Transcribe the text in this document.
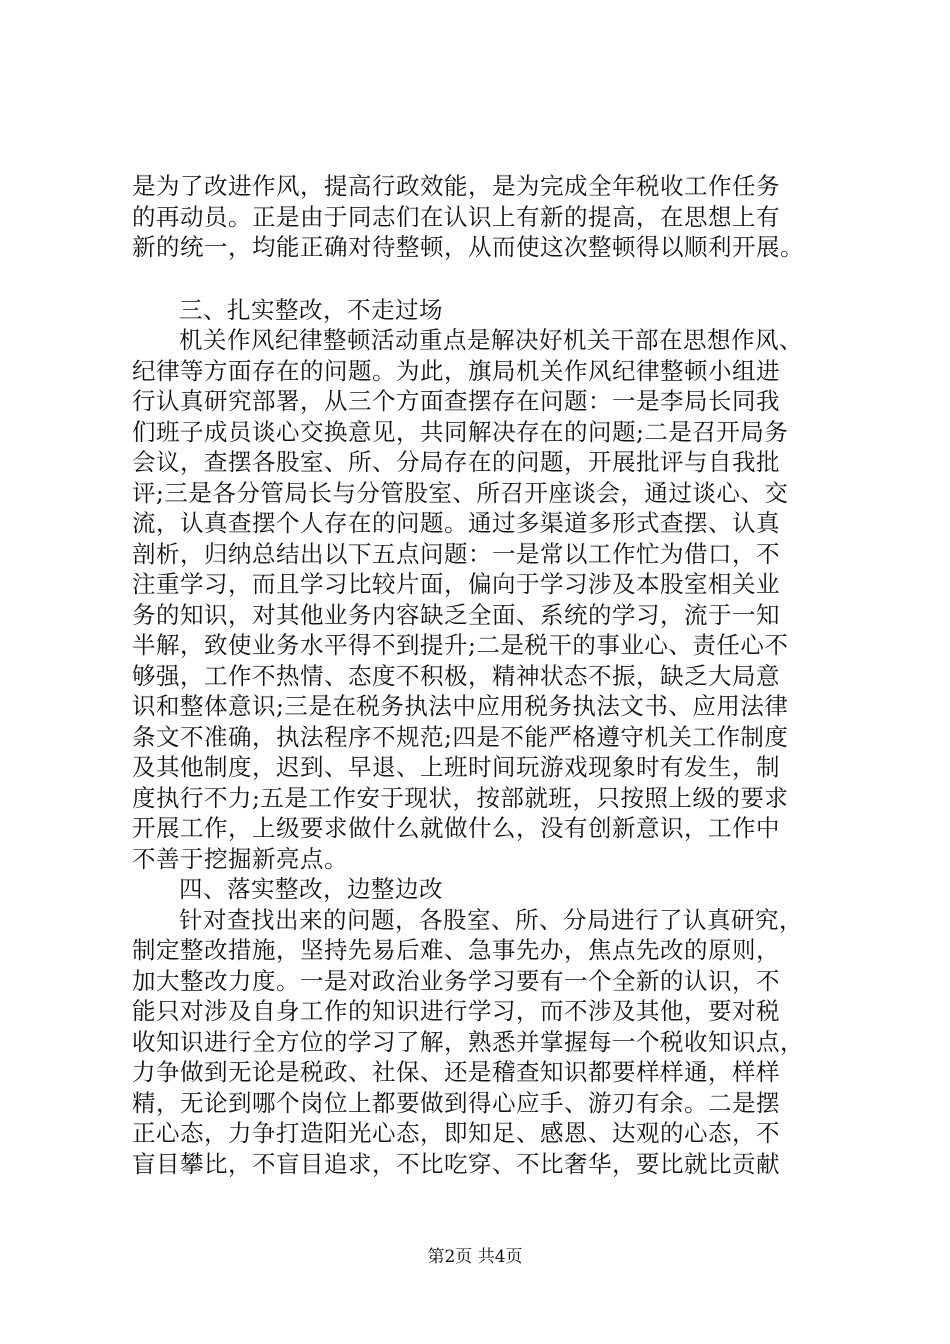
是为了改进作风，提高行政效能，是为完成全年税收工作任务
的再动员。正是由于同志们在认识上有新的提高，在思想上有
新的统一，均能正确对待整顿，从而使这次整顿得以顺利开展。
三、扎实整改，不走过场
机关作风纪律整顿活动重点是解决好机关干部在思想作风、
纪律等方面存在的问题。为此，旗局机关作风纪律整顿小组进
行认真研究部署，从三个方面查摆存在问题：一是李局长同我
们班子成员谈心交换意见，共同解决存在的问题;二是召开局务
会议，查摆各股室、所、分局存在的问题，开展批评与自我批
评;三是各分管局长与分管股室、所召开座谈会，通过谈心、交
流，认真查摆个人存在的问题。通过多渠道多形式查摆、认真
剖析，归纳总结出以下五点问题：一是常以工作忙为借口，不
注重学习，而且学习比较片面，偏向于学习涉及本股室相关业
务的知识，对其他业务内容缺乏全面、系统的学习，流于一知
半解，致使业务水平得不到提升;二是税干的事业心、责任心不
够强，工作不热情、态度不积极，精神状态不振，缺乏大局意
识和整体意识;三是在税务执法中应用税务执法文书、应用法律
条文不准确，执法程序不规范;四是不能严格遵守机关工作制度
及其他制度，迟到、早退、上班时间玩游戏现象时有发生，制
度执行不力;五是工作安于现状，按部就班，只按照上级的要求
开展工作，上级要求做什么就做什么，没有创新意识，工作中
不善于挖掘新亮点。
四、落实整改，边整边改
针对查找出来的问题，各股室、所、分局进行了认真研究，
制定整改措施，坚持先易后难、急事先办，焦点先改的原则，
加大整改力度。一是对政治业务学习要有一个全新的认识，不
能只对涉及自身工作的知识进行学习，而不涉及其他，要对税
收知识进行全方位的学习了解，熟悉并掌握每一个税收知识点，
力争做到无论是税政、社保、还是稽查知识都要样样通，样样
精，无论到哪个岗位上都要做到得心应手、游刃有余。二是摆
正心态，力争打造阳光心态，即知足、感恩、达观的心态，不
盲目攀比，不盲目追求，不比吃穿、不比奢华，要比就比贡献
第2页 共4页
